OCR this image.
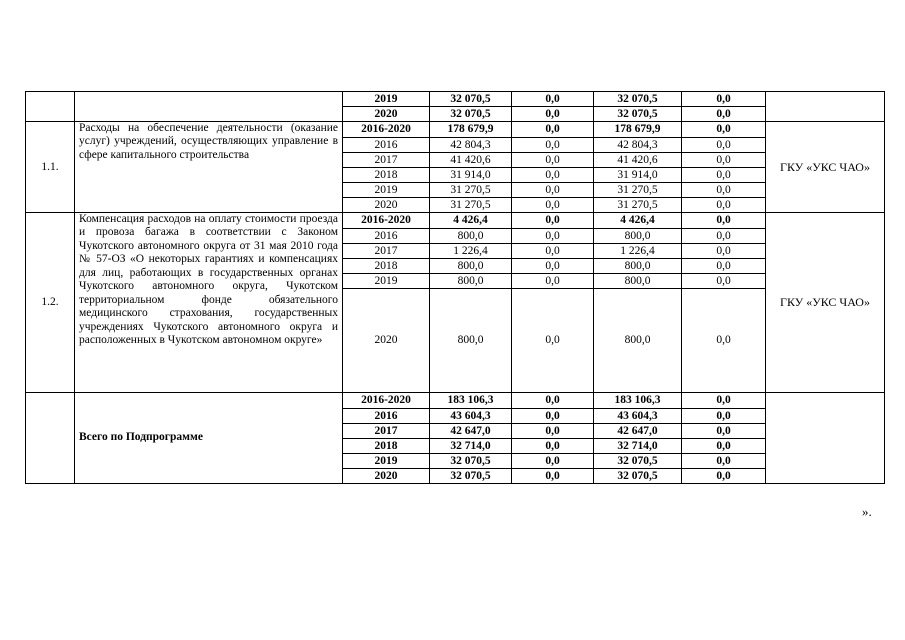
		2019	32 070,5	0,0	32 070,5	0,0	
		2020	32 070,5	0,0	32 070,5	0,0	
1.1.	Расходы на обеспечение деятельности (оказание услуг) учреждений, осуществляющих управление в сфере капитального строительства	2016-2020	178 679,9	0,0	178 679,9	0,0	ГКУ «УКС ЧАО»
		2016	42 804,3	0,0	42 804,3	0,0	
		2017	41 420,6	0,0	41 420,6	0,0	
		2018	31 914,0	0,0	31 914,0	0,0	
		2019	31 270,5	0,0	31 270,5	0,0	
		2020	31 270,5	0,0	31 270,5	0,0	
1.2.	Компенсация расходов на оплату стоимости проезда и провоза багажа в соответствии с Законом Чукотского автономного округа от 31 мая 2010 года № 57-ОЗ «О некоторых гарантиях и компенсациях для лиц, работающих в государственных органах Чукотского автономного округа, Чукотском территориальном фонде обязательного медицинского страхования, государственных учреждениях Чукотского автономного округа и расположенных в Чукотском автономном округе»	2016-2020	4 426,4	0,0	4 426,4	0,0	ГКУ «УКС ЧАО»
		2016	800,0	0,0	800,0	0,0	
		2017	1 226,4	0,0	1 226,4	0,0	
		2018	800,0	0,0	800,0	0,0	
		2019	800,0	0,0	800,0	0,0	
		2020	800,0	0,0	800,0	0,0	
	Всего по Подпрограмме	2016-2020	183 106,3	0,0	183 106,3	0,0	
		2016	43 604,3	0,0	43 604,3	0,0	
		2017	42 647,0	0,0	42 647,0	0,0	
		2018	32 714,0	0,0	32 714,0	0,0	
		2019	32 070,5	0,0	32 070,5	0,0	
		2020	32 070,5	0,0	32 070,5	0,0	
».
